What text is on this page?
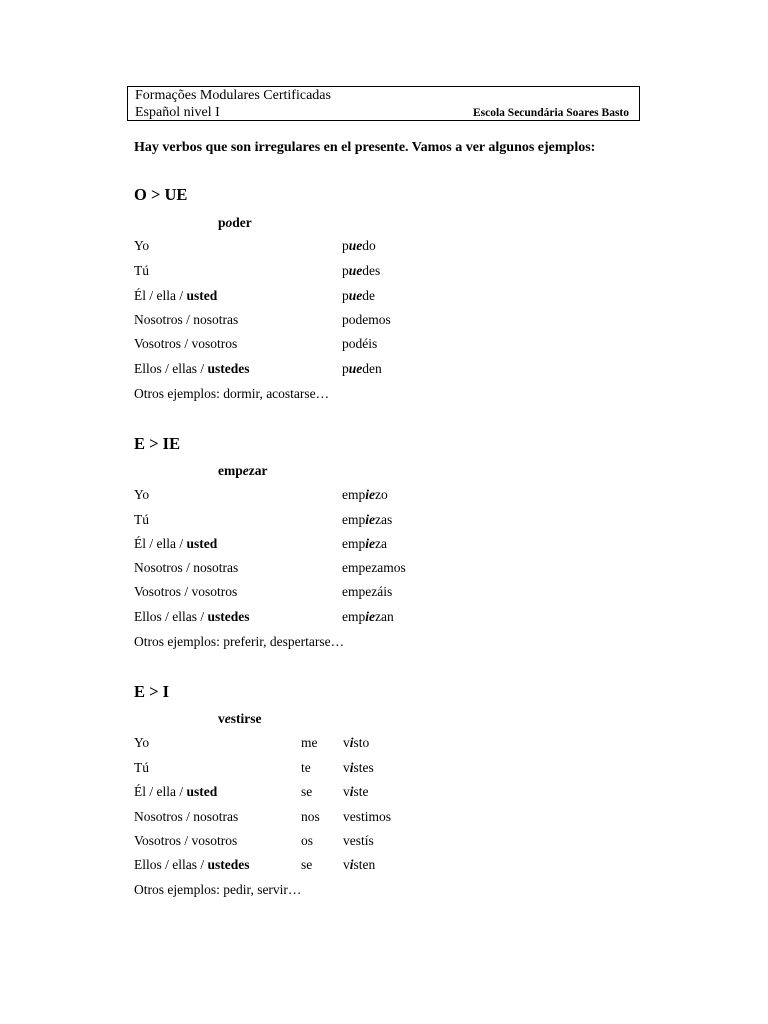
Formações Modulares Certificadas
Español nivel I	Escola Secundária Soares Basto
Hay verbos que son irregulares en el presente. Vamos a ver algunos ejemplos:
O > UE
poder
Yo	puedo
Tú	puedes
Él / ella / usted	puede
Nosotros / nosotras	podemos
Vosotros / vosotros	podéis
Ellos / ellas / ustedes	pueden
Otros ejemplos: dormir, acostarse…
E > IE
empezar
Yo	empiezo
Tú	empiezas
Él / ella / usted	empieza
Nosotros / nosotras	empezamos
Vosotros / vosotros	empezáis
Ellos / ellas / ustedes	empiezan
Otros ejemplos: preferir, despertarse…
E > I
vestirse
Yo	me visto
Tú	te vistes
Él / ella / usted	se viste
Nosotros / nosotras	nos vestimos
Vosotros / vosotros	os vestís
Ellos / ellas / ustedes	se visten
Otros ejemplos: pedir, servir…
